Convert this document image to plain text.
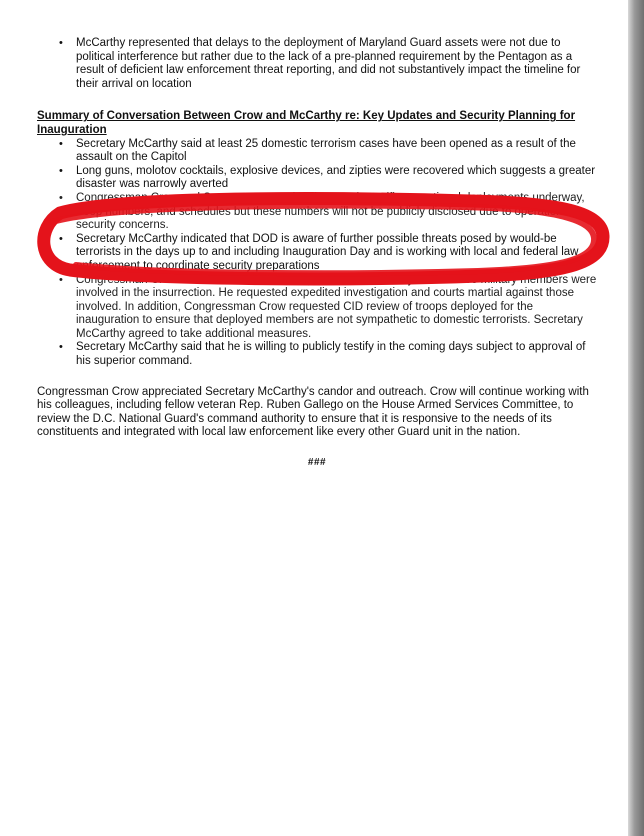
• McCarthy represented that delays to the deployment of Maryland Guard assets were not due to political interference but rather due to the lack of a pre-planned requirement by the Pentagon as a result of deficient law enforcement threat reporting, and did not substantively impact the timeline for their arrival on location

Summary of Conversation Between Crow and McCarthy re: Key Updates and Security Planning for Inauguration

• Secretary McCarthy said at least 25 domestic terrorism cases have been opened as a result of the assault on the Capitol
• Long guns, molotov cocktails, explosive devices, and zipties were recovered which suggests a greater disaster was narrowly averted
• Congressman Crow and Secretary McCarthy discussed specific operational deployments underway, troop numbers, and schedules but these numbers will not be publicly disclosed due to operational security concerns.
• Secretary McCarthy indicated that DOD is aware of further possible threats posed by would-be terrorists in the days up to and including Inauguration Day and is working with local and federal law enforcement to coordinate security preparations
• Congressman Crow raised concerns about reports that active duty and reserve military members were involved in the insurrection. He requested expedited investigation and courts martial against those involved. In addition, Congressman Crow requested CID review of troops deployed for the inauguration to ensure that deployed members are not sympathetic to domestic terrorists. Secretary McCarthy agreed to take additional measures.
• Secretary McCarthy said that he is willing to publicly testify in the coming days subject to approval of his superior command.

Congressman Crow appreciated Secretary McCarthy's candor and outreach. Crow will continue working with his colleagues, including fellow veteran Rep. Ruben Gallego on the House Armed Services Committee, to review the D.C. National Guard's command authority to ensure that it is responsive to the needs of its constituents and integrated with local law enforcement like every other Guard unit in the nation.

###
